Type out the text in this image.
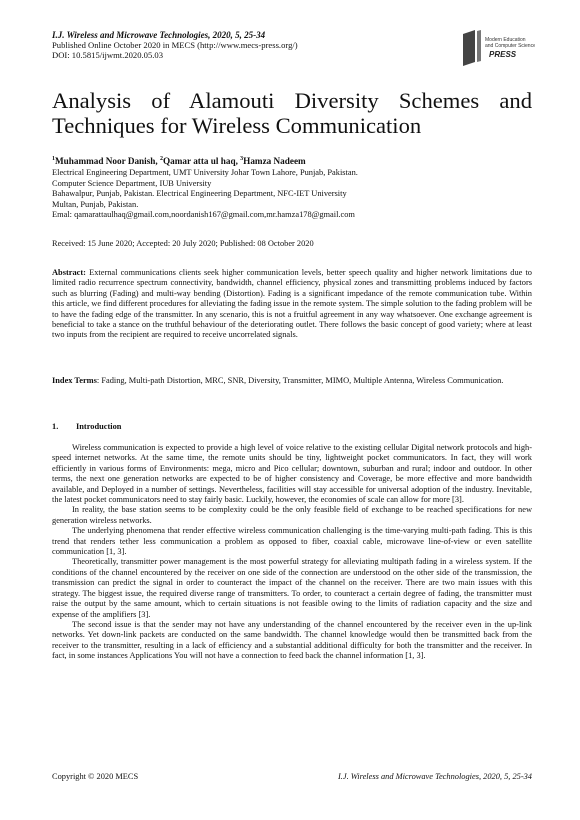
I.J. Wireless and Microwave Technologies, 2020, 5, 25-34
Published Online October 2020 in MECS (http://www.mecs-press.org/)
DOI: 10.5815/ijwmt.2020.05.03
Modern Education
and Computer Science
PRESS
Analysis of Alamouti Diversity Schemes and Techniques for Wireless Communication
$^1$Muhammad Noor Danish, $^2$Qamar atta ul haq, $^3$Hamza Nadeem
Electrical Engineering Department, UMT University Johar Town Lahore, Punjab, Pakistan.
Computer Science Department, IUB University
Bahawalpur, Punjab, Pakistan. Electrical Engineering Department, NFC-IET University
Multan, Punjab, Pakistan.
Emal: qamarattaulhaq@gmail.com,noordanish167@gmail.com,mr.hamza178@gmail.com
Received: 15 June 2020; Accepted: 20 July 2020; Published: 08 October 2020
Abstract: External communications clients seek higher communication levels, better speech quality and higher network limitations due to limited radio recurrence spectrum connectivity, bandwidth, channel efficiency, physical zones and transmitting problems induced by factors such as blurring (Fading) and multi-way bending (Distortion). Fading is a significant impedance of the remote communication tube. Within this article, we find different procedures for alleviating the fading issue in the remote system. The simple solution to the fading problem will be to have the fading edge of the transmitter. In any scenario, this is not a fruitful agreement in any way whatsoever. One exchange agreement is beneficial to take a stance on the truthful behaviour of the deteriorating outlet. There follows the basic concept of good variety; where at least two inputs from the recipient are required to receive uncorrelated signals.
Index Terms: Fading, Multi-path Distortion, MRC, SNR, Diversity, Transmitter, MIMO, Multiple Antenna, Wireless Communication.
1. Introduction

Wireless communication is expected to provide a high level of voice relative to the existing cellular Digital network protocols and high-speed internet networks. At the same time, the remote units should be tiny, lightweight pocket communicators. In fact, they will work efficiently in various forms of Environments: mega, micro and Pico cellular; downtown, suburban and rural; indoor and outdoor. In other terms, the next one generation networks are expected to be of higher consistency and Coverage, be more effective and more bandwidth available, and Deployed in a number of settings. Nevertheless, facilities will stay accessible for universal adoption of the industry. Inevitable, the latest pocket communicators need to stay fairly basic. Luckily, however, the economies of scale can allow for more [3].

In reality, the base station seems to be complexity could be the only feasible field of exchange to be reached specifications for new generation wireless networks.

The underlying phenomena that render effective wireless communication challenging is the time-varying multi-path fading. This is this trend that renders tether less communication a problem as opposed to fiber, coaxial cable, microwave line-of-view or even satellite communication [1, 3].

Theoretically, transmitter power management is the most powerful strategy for alleviating multipath fading in a wireless system. If the conditions of the channel encountered by the receiver on one side of the connection are understood on the other side of the transmission, the transmission can predict the signal in order to counteract the impact of the channel on the receiver. There are two main issues with this strategy. The biggest issue, the required diverse range of transmitters. To order, to counteract a certain degree of fading, the transmitter must raise the output by the same amount, which to certain situations is not feasible owing to the limits of radiation capacity and the size and expense of the amplifiers [3].

The second issue is that the sender may not have any understanding of the channel encountered by the receiver even in the up-link networks. Yet down-link packets are conducted on the same bandwidth. The channel knowledge would then be transmitted back from the receiver to the transmitter, resulting in a lack of efficiency and a substantial additional difficulty for both the transmitter and the receiver. In fact, in some instances Applications You will not have a connection to feed back the channel information [1, 3].

Copyright © 2020 MECS	I.J. Wireless and Microwave Technologies, 2020, 5, 25-34
